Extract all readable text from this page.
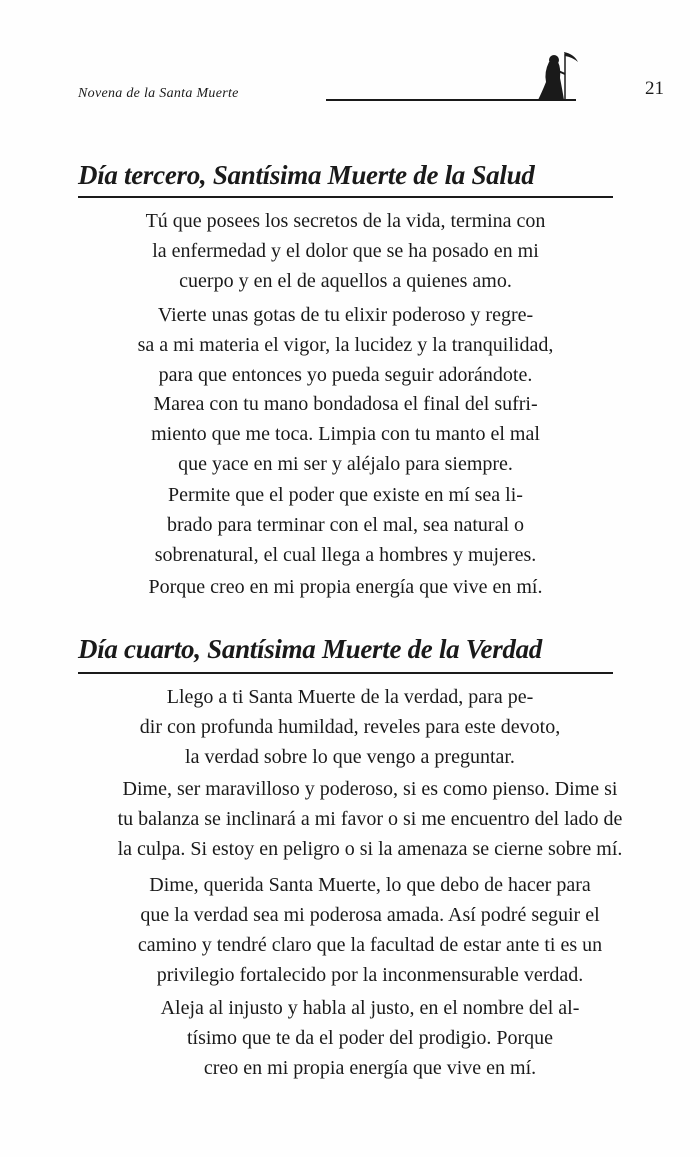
Novena de la Santa Muerte	21
Día tercero, Santísima Muerte de la Salud

Tú que posees los secretos de la vida, termina con
la enfermedad y el dolor que se ha posado en mi
cuerpo y en el de aquellos a quienes amo.

Vierte unas gotas de tu elixir poderoso y regre-
sa a mi materia el vigor, la lucidez y la tranquilidad,
para que entonces yo pueda seguir adorándote.

Marea con tu mano bondadosa el final del sufri-
miento que me toca. Limpia con tu manto el mal
que yace en mi ser y aléjalo para siempre.

Permite que el poder que existe en mí sea li-
brado para terminar con el mal, sea natural o
sobrenatural, el cual llega a hombres y mujeres.

Porque creo en mi propia energía que vive en mí.

Día cuarto, Santísima Muerte de la Verdad

Llego a ti Santa Muerte de la verdad, para pe-
dir con profunda humildad, reveles para este devoto,
la verdad sobre lo que vengo a preguntar.

Dime, ser maravilloso y poderoso, si es como pienso. Dime si
tu balanza se inclinará a mi favor o si me encuentro del lado de
la culpa. Si estoy en peligro o si la amenaza se cierne sobre mí.

Dime, querida Santa Muerte, lo que debo de hacer para
que la verdad sea mi poderosa amada. Así podré seguir el
camino y tendré claro que la facultad de estar ante ti es un
privilegio fortalecido por la inconmensurable verdad.

Aleja al injusto y habla al justo, en el nombre del al-
tísimo que te da el poder del prodigio. Porque
creo en mi propia energía que vive en mí.
